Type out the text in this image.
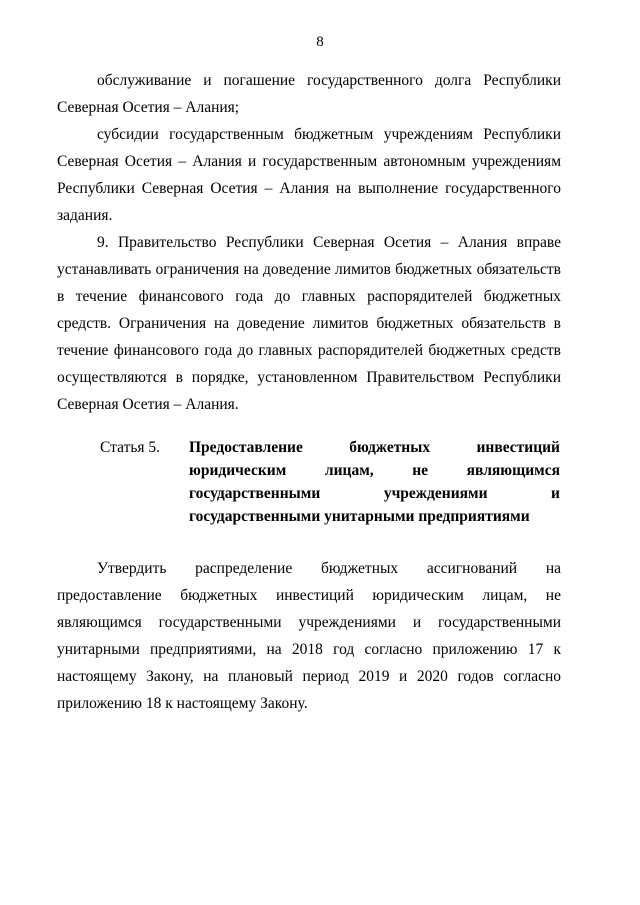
8

обслуживание и погашение государственного долга Республики Северная Осетия – Алания;

субсидии государственным бюджетным учреждениям Республики Северная Осетия – Алания и государственным автономным учреждениям Республики Северная Осетия – Алания на выполнение государственного задания.

9. Правительство Республики Северная Осетия – Алания вправе устанавливать ограничения на доведение лимитов бюджетных обязательств в течение финансового года до главных распорядителей бюджетных средств. Ограничения на доведение лимитов бюджетных обязательств в течение финансового года до главных распорядителей бюджетных средств осуществляются в порядке, установленном Правительством Республики Северная Осетия – Алания.

Статья 5. Предоставление бюджетных инвестиций юридическим лицам, не являющимся государственными учреждениями и государственными унитарными предприятиями

Утвердить распределение бюджетных ассигнований на предоставление бюджетных инвестиций юридическим лицам, не являющимся государственными учреждениями и государственными унитарными предприятиями, на 2018 год согласно приложению 17 к настоящему Закону, на плановый период 2019 и 2020 годов согласно приложению 18 к настоящему Закону.
